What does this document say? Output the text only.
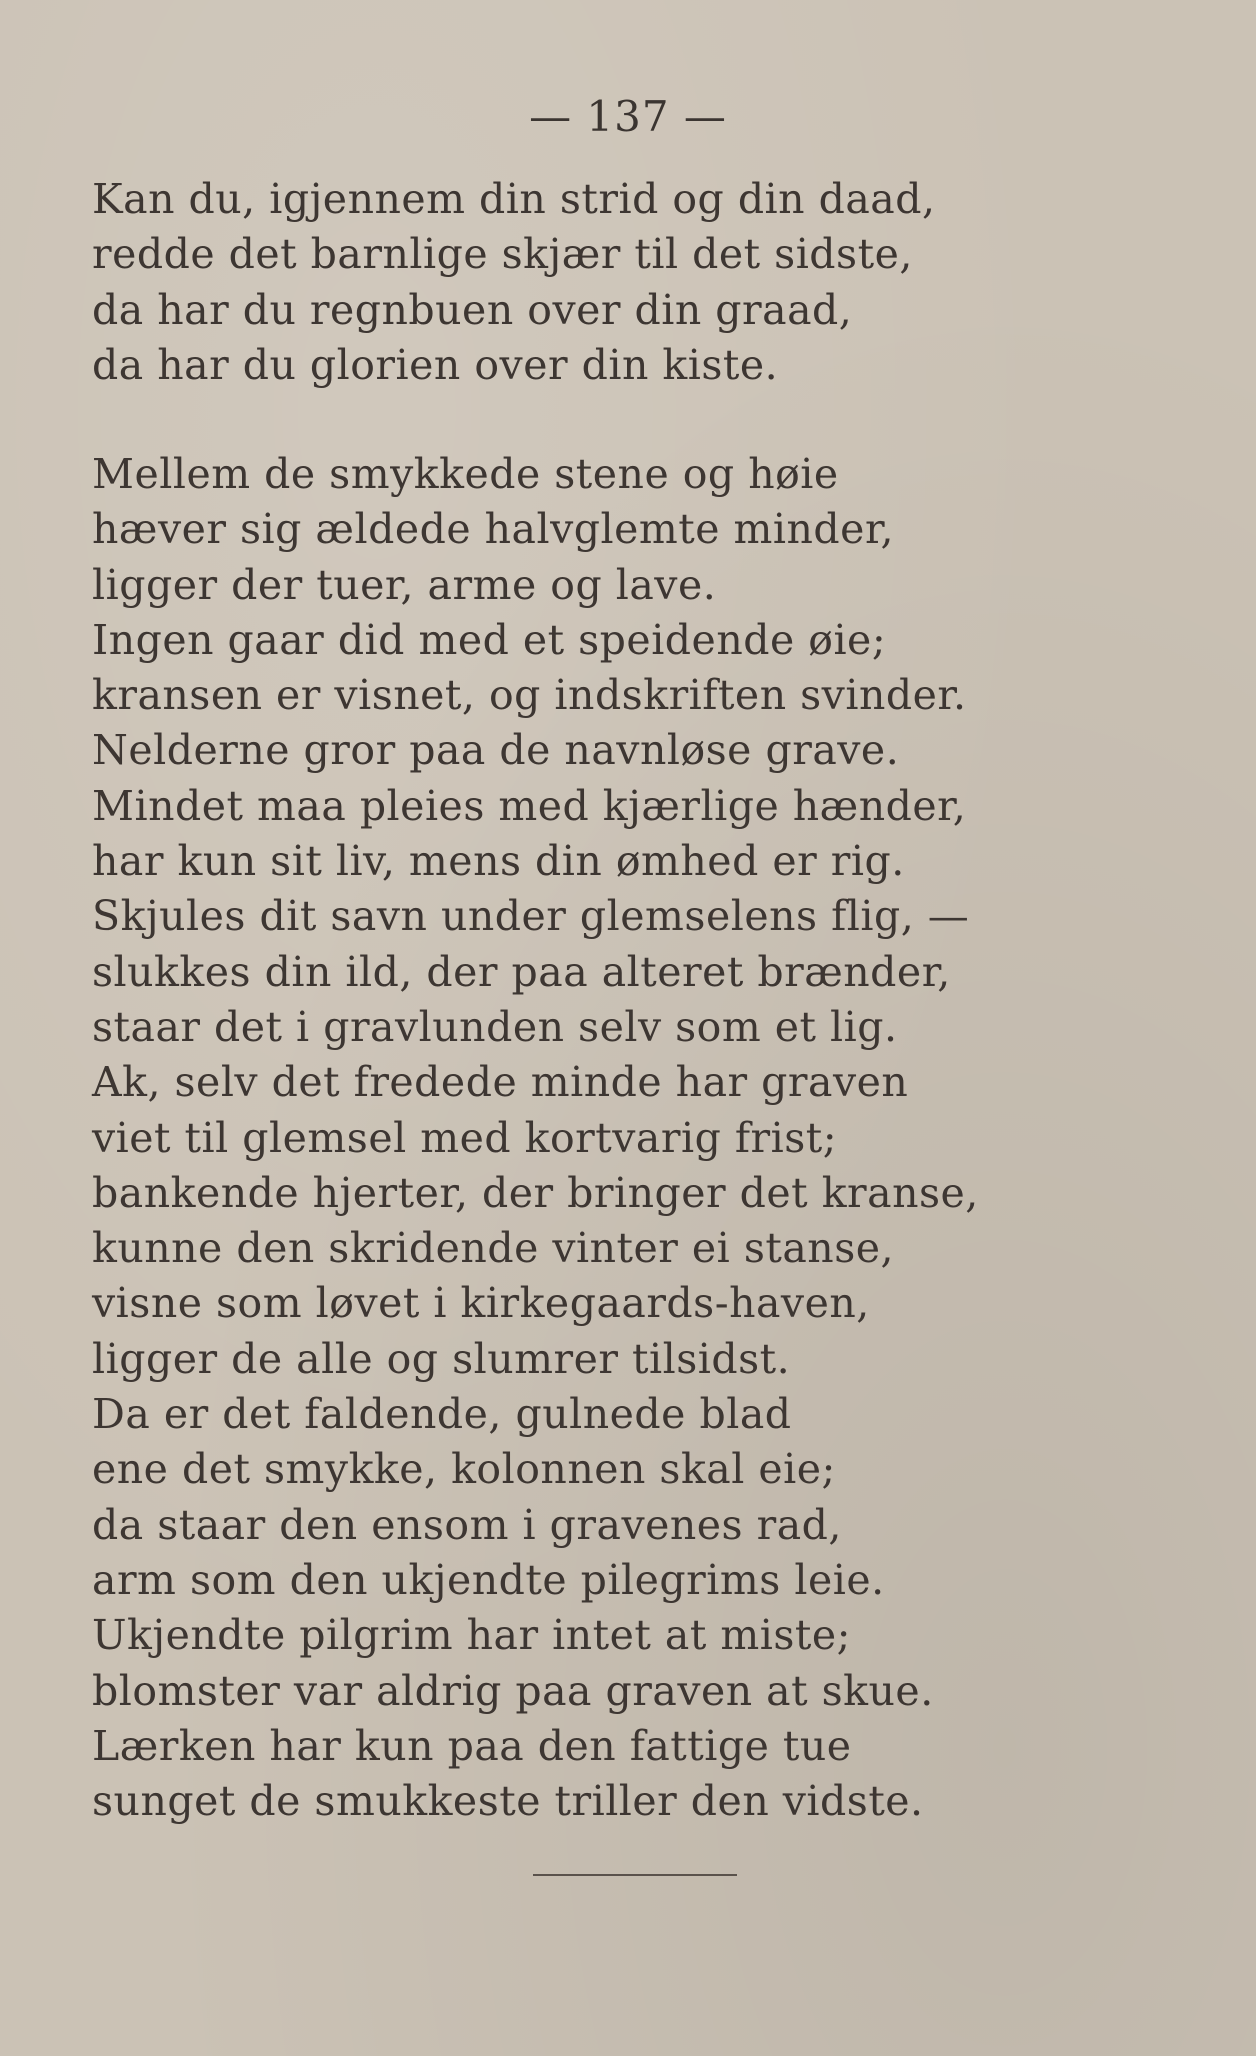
— 137 —
Kan du, igjennem din strid og din daad,
redde det barnlige skjær til det sidste,
da har du regnbuen over din graad,
da har du glorien over din kiste.
Mellem de smykkede stene og høie
hæver sig ældede halvglemte minder,
ligger der tuer, arme og lave.
Ingen gaar did med et speidende øie;
kransen er visnet, og indskriften svinder.
Nelderne gror paa de navnløse grave.
Mindet maa pleies med kjærlige hænder,
har kun sit liv, mens din ømhed er rig.
Skjules dit savn under glemselens flig, —
slukkes din ild, der paa alteret brænder,
staar det i gravlunden selv som et lig.
Ak, selv det fredede minde har graven
viet til glemsel med kortvarig frist;
bankende hjerter, der bringer det kranse,
kunne den skridende vinter ei stanse,
visne som løvet i kirkegaards-haven,
ligger de alle og slumrer tilsidst.
Da er det faldende, gulnede blad
ene det smykke, kolonnen skal eie;
da staar den ensom i gravenes rad,
arm som den ukjendte pilegrims leie.
Ukjendte pilgrim har intet at miste;
blomster var aldrig paa graven at skue.
Lærken har kun paa den fattige tue
sunget de smukkeste triller den vidste.
